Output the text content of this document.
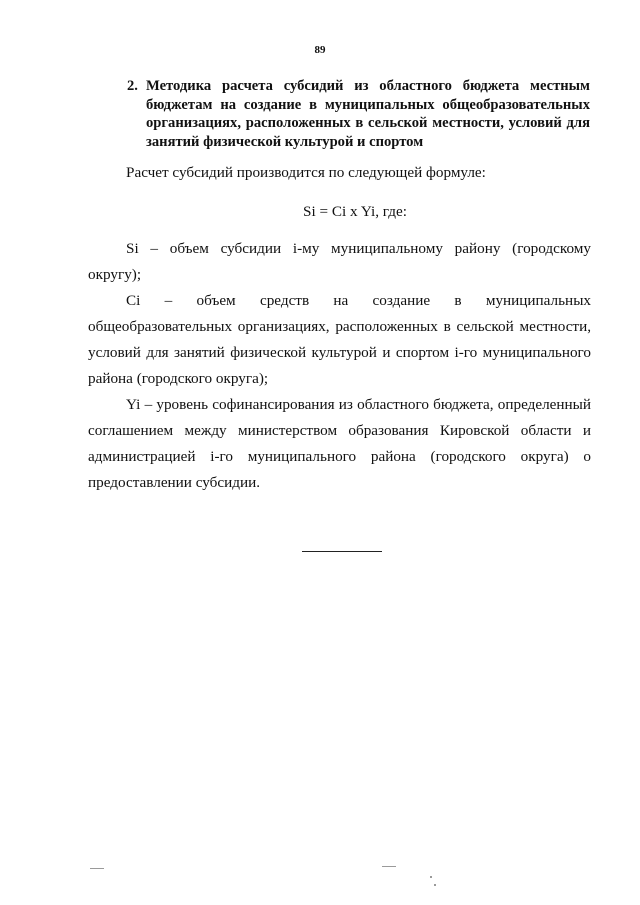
89
2. Методика расчета субсидий из областного бюджета местным бюджетам на создание в муниципальных общеобразовательных организациях, расположенных в сельской местности, условий для занятий физической культурой и спортом

Расчет субсидий производится по следующей формуле:

Si = Ci x Yi, где:

Si – объем субсидии i-му муниципальному району (городскому округу);

Ci – объем средств на создание в муниципальных общеобразовательных организациях, расположенных в сельской местности, условий для занятий физической культурой и спортом i-го муниципального района (городского округа);

Yi – уровень софинансирования из областного бюджета, определенный соглашением между министерством образования Кировской области и администрацией i-го муниципального района (городского округа) о предоставлении субсидии.
